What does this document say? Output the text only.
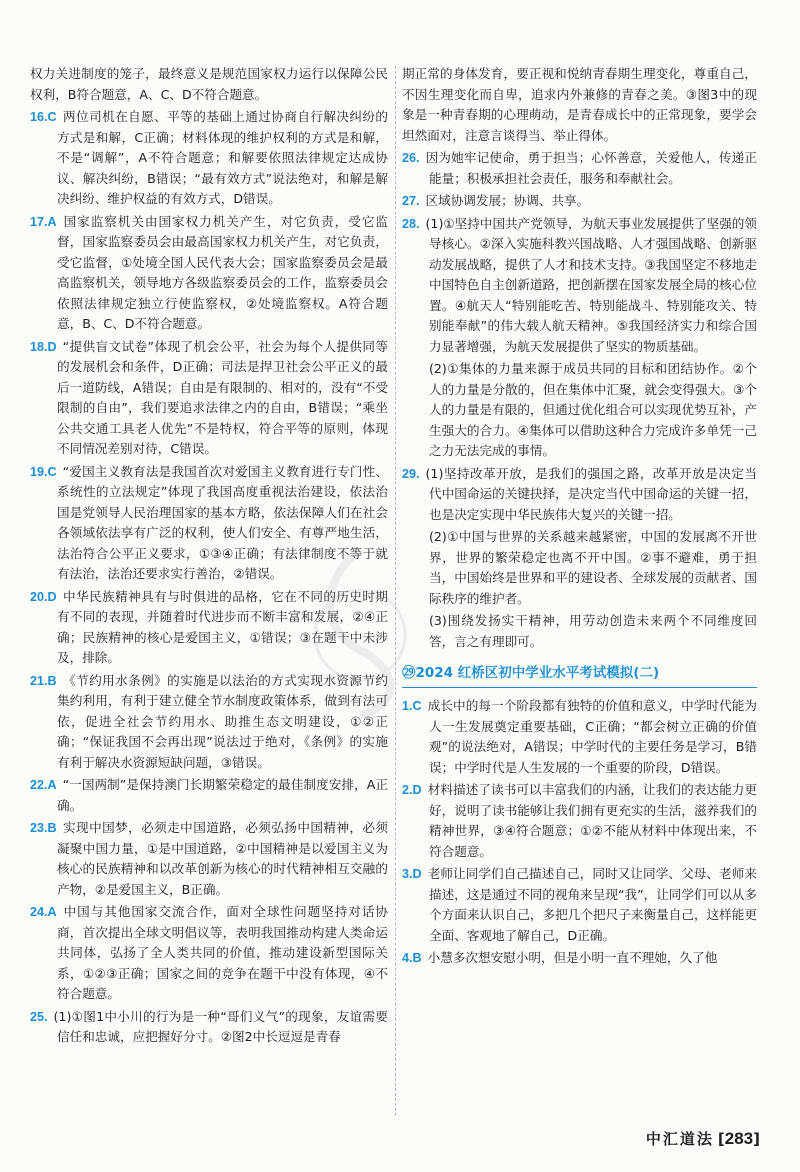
权力关进制度的笼子，最终意义是规范国家权力运行以保障公民权利，B符合题意，A、C、D不符合题意。

16.C 两位司机在自愿、平等的基础上通过协商自行解决纠纷的方式是和解，C正确；材料体现的维护权利的方式是和解，不是“调解”，A不符合题意；和解要依照法律规定达成协议、解决纠纷，B错误；“最有效方式”说法绝对，和解是解决纠纷、维护权益的有效方式，D错误。

17.A 国家监察机关由国家权力机关产生，对它负责，受它监督，国家监察委员会由最高国家权力机关产生，对它负责，受它监督，①处境全国人民代表大会；国家监察委员会是最高监察机关，领导地方各级监察委员会的工作，监察委员会依照法律规定独立行使监察权，②处境监察权。A符合题意，B、C、D不符合题意。

18.D “提供盲文试卷”体现了机会公平，社会为每个人提供同等的发展机会和条件，D正确；司法是捍卫社会公平正义的最后一道防线，A错误；自由是有限制的、相对的，没有“不受限制的自由”，我们要追求法律之内的自由，B错误；“乘坐公共交通工具老人优先”不是特权，符合平等的原则，体现不同情况差别对待，C错误。

19.C “爱国主义教育法是我国首次对爱国主义教育进行专门性、系统性的立法规定”体现了我国高度重视法治建设，依法治国是党领导人民治理国家的基本方略，依法保障人们在社会各领域依法享有广泛的权利，使人们安全、有尊严地生活，法治符合公平正义要求，①③④正确；有法律制度不等于就有法治，法治还要求实行善治，②错误。

20.D 中华民族精神具有与时俱进的品格，它在不同的历史时期有不同的表现，并随着时代进步而不断丰富和发展，②④正确；民族精神的核心是爱国主义，①错误；③在题干中未涉及，排除。

21.B 《节约用水条例》的实施是以法治的方式实现水资源节约集约利用，有利于建立健全节水制度政策体系，做到有法可依，促进全社会节约用水、助推生态文明建设，①②正确；“保证我国不会再出现”说法过于绝对，《条例》的实施有利于解决水资源短缺问题，③错误。

22.A “一国两制”是保持澳门长期繁荣稳定的最佳制度安排，A正确。

23.B 实现中国梦，必须走中国道路，必须弘扬中国精神，必须凝聚中国力量，①是中国道路，②中国精神是以爱国主义为核心的民族精神和以改革创新为核心的时代精神相互交融的产物，②是爱国主义，B正确。

24.A 中国与其他国家交流合作，面对全球性问题坚持对话协商，首次提出全球文明倡议等，表明我国推动构建人类命运共同体，弘扬了全人类共同的价值，推动建设新型国际关系，①②③正确；国家之间的竞争在题干中没有体现，④不符合题意。

25. (1)①图1中小川的行为是一种“哥们义气”的现象，友谊需要信任和忠诚，应把握好分寸。②图2中长逗逗是青春

期正常的身体发育，要正视和悦纳青春期生理变化，尊重自己，不因生理变化而自卑，追求内外兼修的青春之美。③图3中的现象是一种青春期的心理萌动，是青春成长中的正常现象，要学会坦然面对，注意言谈得当、举止得体。

26. 因为她牢记使命，勇于担当；心怀善意，关爱他人，传递正能量；积极承担社会责任，服务和奉献社会。

27. 区域协调发展；协调、共享。

28. (1)①坚持中国共产党领导，为航天事业发展提供了坚强的领导核心。②深入实施科教兴国战略、人才强国战略、创新驱动发展战略，提供了人才和技术支持。③我国坚定不移地走中国特色自主创新道路，把创新摆在国家发展全局的核心位置。④航天人“特别能吃苦、特别能战斗、特别能攻关、特别能奉献”的伟大载人航天精神。⑤我国经济实力和综合国力显著增强，为航天发展提供了坚实的物质基础。

(2)①集体的力量来源于成员共同的目标和团结协作。②个人的力量是分散的，但在集体中汇聚，就会变得强大。③个人的力量是有限的，但通过优化组合可以实现优势互补，产生强大的合力。④集体可以借助这种合力完成许多单凭一己之力无法完成的事情。

29. (1)坚持改革开放，是我们的强国之路，改革开放是决定当代中国命运的关键抉择，是决定当代中国命运的关键一招，也是决定实现中华民族伟大复兴的关键一招。

(2)①中国与世界的关系越来越紧密，中国的发展离不开世界，世界的繁荣稳定也离不开中国。②事不避难，勇于担当，中国始终是世界和平的建设者、全球发展的贡献者、国际秩序的维护者。

(3)围绕发扬实干精神，用劳动创造未来两个不同维度回答，言之有理即可。

㉙2024 红桥区初中学业水平考试模拟(二)

1.C 成长中的每一个阶段都有独特的价值和意义，中学时代能为人一生发展奠定重要基础，C正确；“都会树立正确的价值观”的说法绝对，A错误；中学时代的主要任务是学习，B错误；中学时代是人生发展的一个重要的阶段，D错误。

2.D 材料描述了读书可以丰富我们的内涵，让我们的表达能力更好，说明了读书能够让我们拥有更充实的生活，滋养我们的精神世界，③④符合题意；①②不能从材料中体现出来，不符合题意。

3.D 老师让同学们自己描述自己，同时又让同学、父母、老师来描述，这是通过不同的视角来呈现“我”，让同学们可以从多个方面来认识自己，多把几个把尺子来衡量自己，这样能更全面、客观地了解自己，D正确。

4.B 小慧多次想安慰小明，但是小明一直不理她，久了他

中汇道法 [283]
